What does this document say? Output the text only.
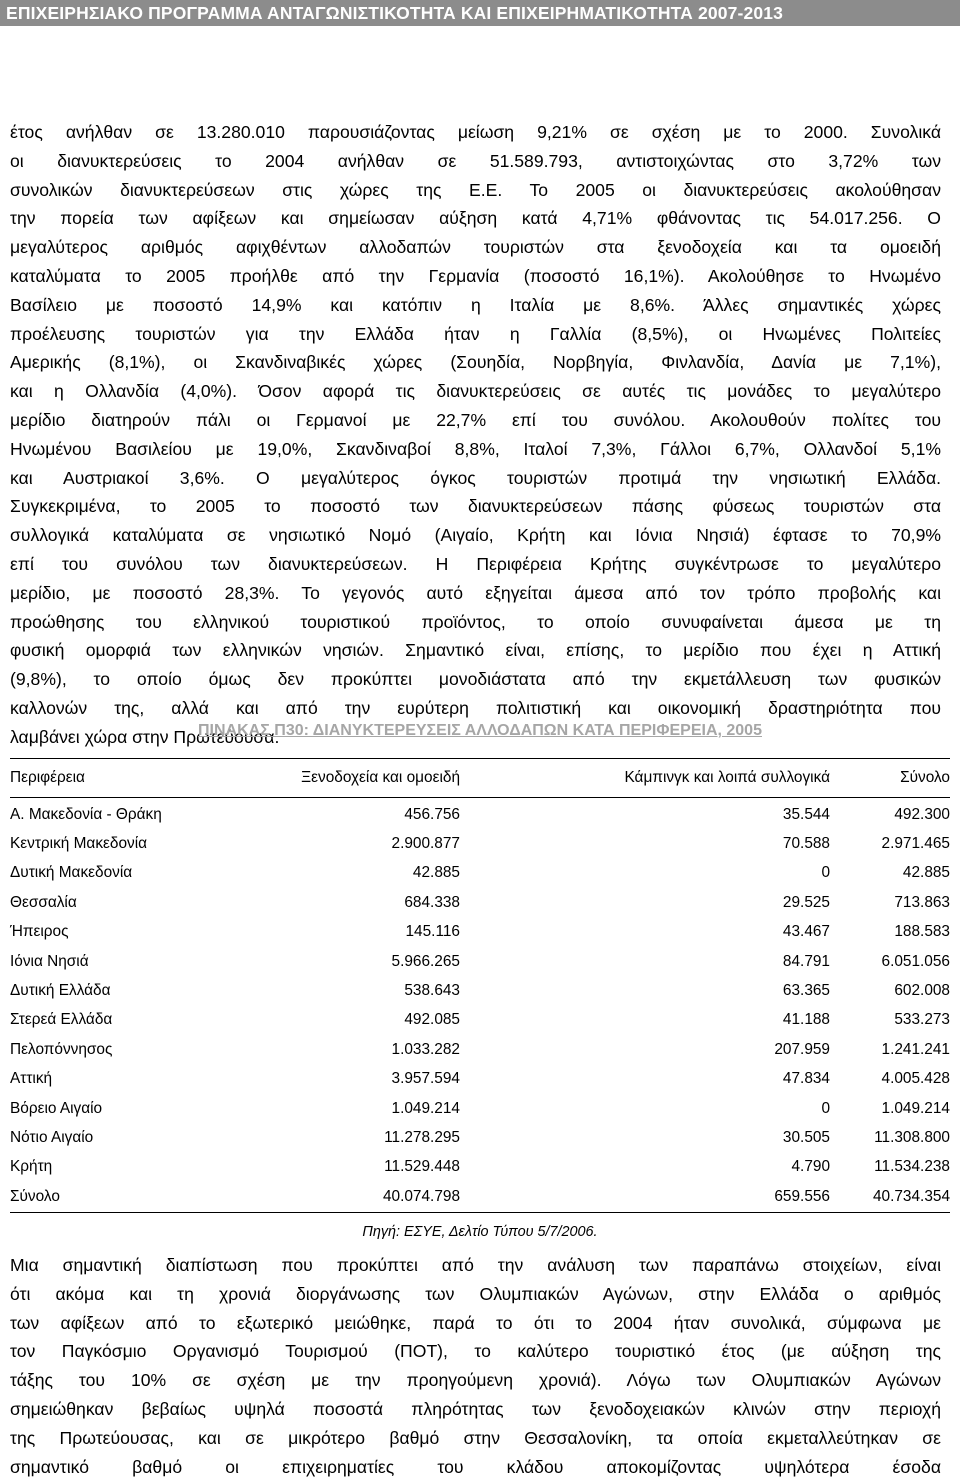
ΕΠΙΧΕΙΡΗΣΙΑΚΟ ΠΡΟΓΡΑΜΜΑ ΑΝΤΑΓΩΝΙΣΤΙΚΟΤΗΤΑ ΚΑΙ ΕΠΙΧΕΙΡΗΜΑΤΙΚΟΤΗΤΑ 2007-2013
έτος ανήλθαν σε 13.280.010 παρουσιάζοντας μείωση 9,21% σε σχέση με το 2000. Συνολικά
οι διανυκτερεύσεις το 2004 ανήλθαν σε 51.589.793, αντιστοιχώντας στο 3,72% των
συνολικών διανυκτερεύσεων στις χώρες της Ε.Ε. Το 2005 οι διανυκτερεύσεις ακολούθησαν
την πορεία των αφίξεων και σημείωσαν αύξηση κατά 4,71% φθάνοντας τις 54.017.256. Ο
μεγαλύτερος αριθμός αφιχθέντων αλλοδαπών τουριστών στα ξενοδοχεία και τα ομοειδή
καταλύματα το 2005 προήλθε από την Γερμανία (ποσοστό 16,1%). Ακολούθησε το Ηνωμένο
Βασίλειο με ποσοστό 14,9% και κατόπιν η Ιταλία με 8,6%. Άλλες σημαντικές χώρες
προέλευσης τουριστών για την Ελλάδα ήταν η Γαλλία (8,5%), οι Ηνωμένες Πολιτείες
Αμερικής (8,1%), οι Σκανδιναβικές χώρες (Σουηδία, Νορβηγία, Φινλανδία, Δανία με 7,1%),
και η Ολλανδία (4,0%). Όσον αφορά τις διανυκτερεύσεις σε αυτές τις μονάδες το μεγαλύτερο
μερίδιο διατηρούν πάλι οι Γερμανοί με 22,7% επί του συνόλου. Ακολουθούν πολίτες του
Ηνωμένου Βασιλείου με 19,0%, Σκανδιναβοί 8,8%, Ιταλοί 7,3%, Γάλλοι 6,7%, Ολλανδοί 5,1%
και Αυστριακοί 3,6%. Ο μεγαλύτερος όγκος τουριστών προτιμά την νησιωτική Ελλάδα.
Συγκεκριμένα, το 2005 το ποσοστό των διανυκτερεύσεων πάσης φύσεως τουριστών στα
συλλογικά καταλύματα σε νησιωτικό Νομό (Αιγαίο, Κρήτη και Ιόνια Νησιά) έφτασε το 70,9%
επί του συνόλου των διανυκτερεύσεων. Η Περιφέρεια Κρήτης συγκέντρωσε το μεγαλύτερο
μερίδιο, με ποσοστό 28,3%. Το γεγονός αυτό εξηγείται άμεσα από τον τρόπο προβολής και
προώθησης του ελληνικού τουριστικού προϊόντος, το οποίο συνυφαίνεται άμεσα με τη
φυσική ομορφιά των ελληνικών νησιών. Σημαντικό είναι, επίσης, το μερίδιο που έχει η Αττική
(9,8%), το οποίο όμως δεν προκύπτει μονοδιάστατα από την εκμετάλλευση των φυσικών
καλλονών της, αλλά και από την ευρύτερη πολιτιστική και οικονομική δραστηριότητα που
λαμβάνει χώρα στην Πρωτεύουσα.
ΠΙΝΑΚΑΣ Π30: ΔΙΑΝΥΚΤΕΡΕΥΣΕΙΣ ΑΛΛΟΔΑΠΩΝ ΚΑΤΑ ΠΕΡΙΦΕΡΕΙΑ, 2005
Περιφέρεια	Ξενοδοχεία και ομοειδή	Κάμπινγκ και λοιπά συλλογικά	Σύνολο
Α. Μακεδονία - Θράκη	456.756	35.544	492.300
Κεντρική Μακεδονία	2.900.877	70.588	2.971.465
Δυτική Μακεδονία	42.885	0	42.885
Θεσσαλία	684.338	29.525	713.863
Ήπειρος	145.116	43.467	188.583
Ιόνια Νησιά	5.966.265	84.791	6.051.056
Δυτική Ελλάδα	538.643	63.365	602.008
Στερεά Ελλάδα	492.085	41.188	533.273
Πελοπόννησος	1.033.282	207.959	1.241.241
Αττική	3.957.594	47.834	4.005.428
Βόρειο Αιγαίο	1.049.214	0	1.049.214
Νότιο Αιγαίο	11.278.295	30.505	11.308.800
Κρήτη	11.529.448	4.790	11.534.238
Σύνολο	40.074.798	659.556	40.734.354
Πηγή: ΕΣΥΕ, Δελτίο Τύπου 5/7/2006.
Μια σημαντική διαπίστωση που προκύπτει από την ανάλυση των παραπάνω στοιχείων, είναι
ότι ακόμα και τη χρονιά διοργάνωσης των Ολυμπιακών Αγώνων, στην Ελλάδα ο αριθμός
των αφίξεων από το εξωτερικό μειώθηκε, παρά το ότι το 2004 ήταν συνολικά, σύμφωνα με
τον Παγκόσμιο Οργανισμό Τουρισμού (ΠΟΤ), το καλύτερο τουριστικό έτος (με αύξηση της
τάξης του 10% σε σχέση με την προηγούμενη χρονιά). Λόγω των Ολυμπιακών Αγώνων
σημειώθηκαν βεβαίως υψηλά ποσοστά πληρότητας των ξενοδοχειακών κλινών στην περιοχή
της Πρωτεύουσας, και σε μικρότερο βαθμό στην Θεσσαλονίκη, τα οποία εκμεταλλεύτηκαν σε
σημαντικό βαθμό οι επιχειρηματίες του κλάδου αποκομίζοντας υψηλότερα έσοδα
